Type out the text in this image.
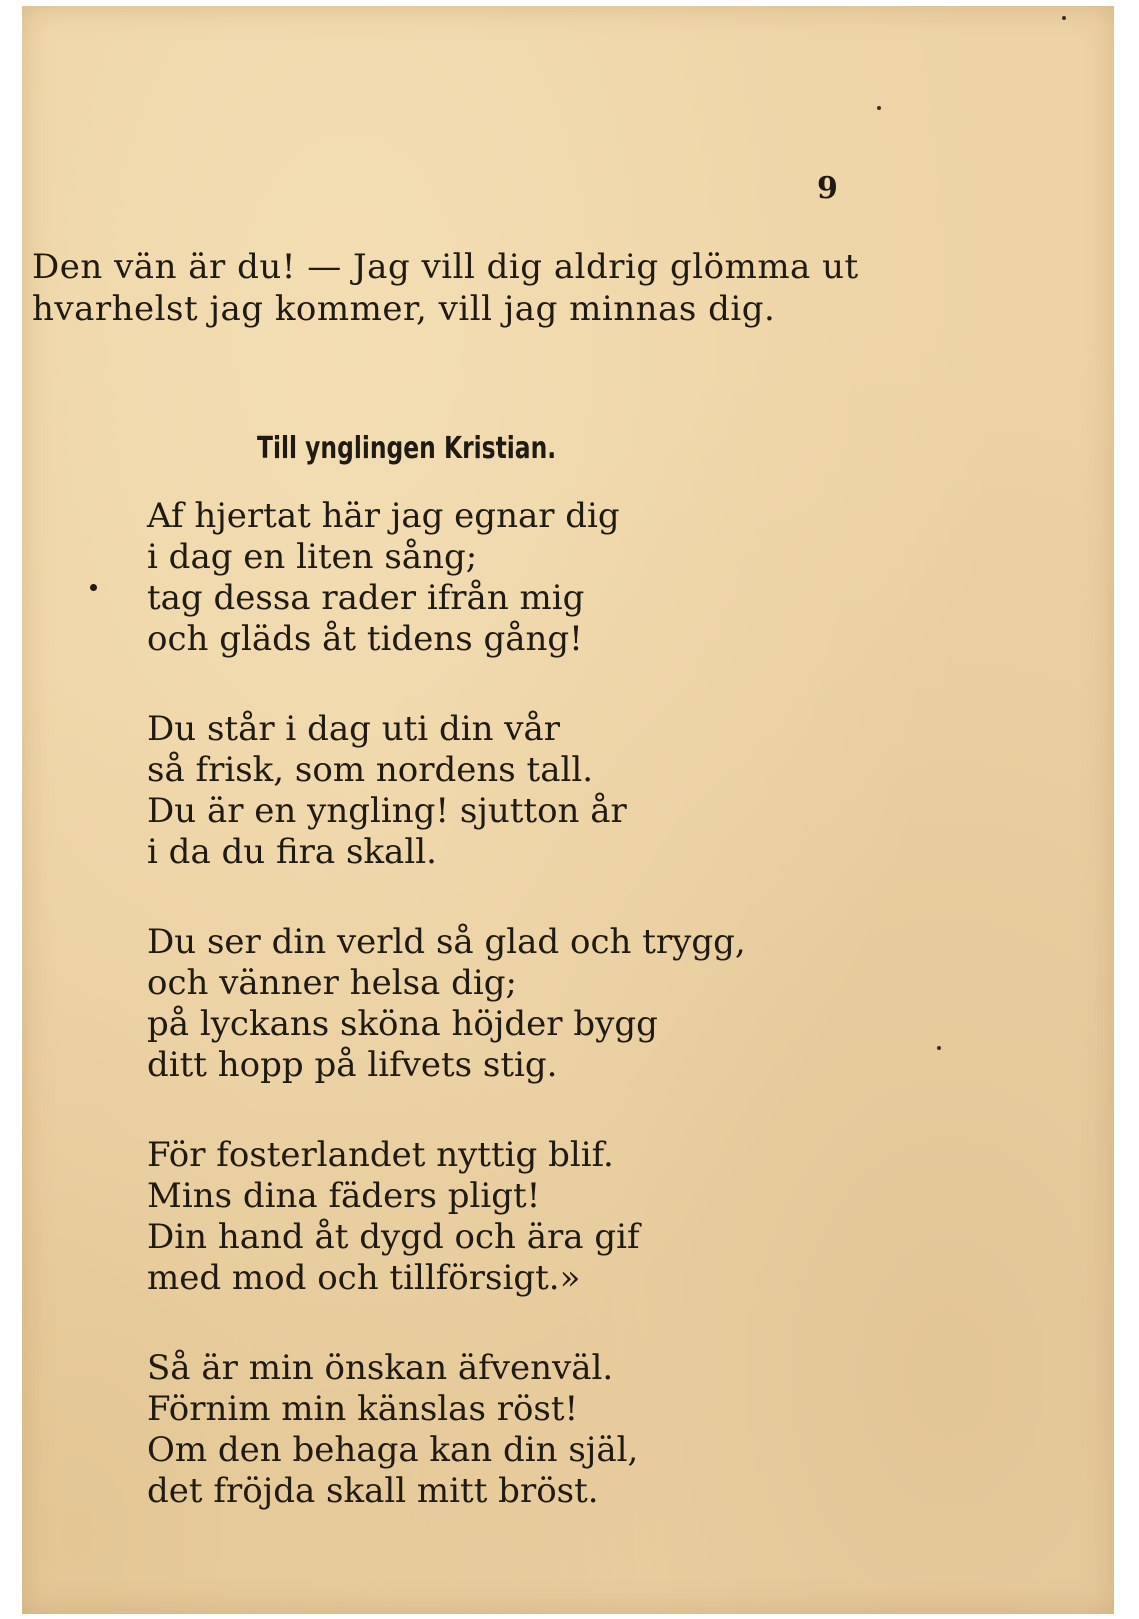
9
Den vän är du! — Jag vill dig aldrig glömma ut
hvarhelst jag kommer, vill jag minnas dig.
Till ynglingen Kristian.
Af hjertat här jag egnar dig
i dag en liten sång;
tag dessa rader ifrån mig
och gläds åt tidens gång!
Du står i dag uti din vår
så frisk, som nordens tall.
Du är en yngling! sjutton år
i da du fira skall.
Du ser din verld så glad och trygg,
och vänner helsa dig;
på lyckans sköna höjder bygg
ditt hopp på lifvets stig.
För fosterlandet nyttig blif.
Mins dina fäders pligt!
Din hand åt dygd och ära gif
med mod och tillförsigt.»
Så är min önskan äfvenväl.
Förnim min känslas röst!
Om den behaga kan din själ,
det fröjda skall mitt bröst.
